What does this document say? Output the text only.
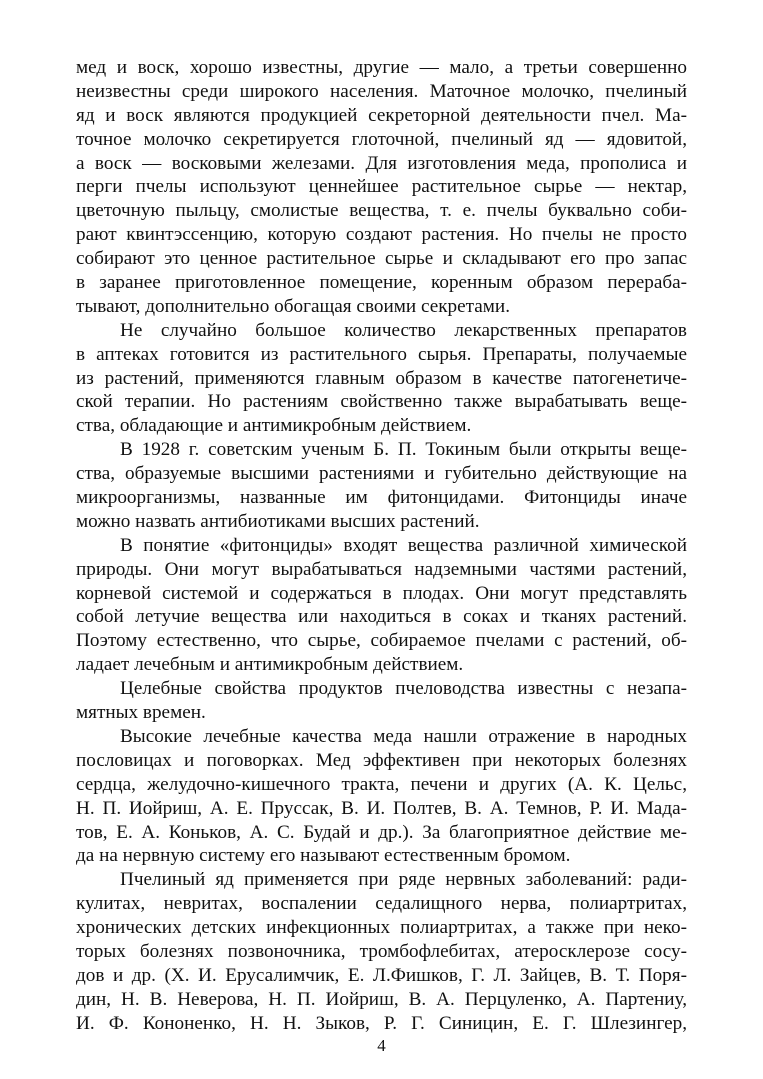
мед и воск, хорошо известны, другие — мало, а третьи совершенно
неизвестны среди широкого населения. Маточное молочко, пчелиный
яд и воск являются продукцией секреторной деятельности пчел. Ма-
точное молочко секретируется глоточной, пчелиный яд — ядовитой,
а воск — восковыми железами. Для изготовления меда, прополиса и
перги пчелы используют ценнейшее растительное сырье — нектар,
цветочную пыльцу, смолистые вещества, т. е. пчелы буквально соби-
рают квинтэссенцию, которую создают растения. Но пчелы не просто
собирают это ценное растительное сырье и складывают его про запас
в заранее приготовленное помещение, коренным образом перераба-
тывают, дополнительно обогащая своими секретами.
Не случайно большое количество лекарственных препаратов
в аптеках готовится из растительного сырья. Препараты, получаемые
из растений, применяются главным образом в качестве патогенетиче-
ской терапии. Но растениям свойственно также вырабатывать веще-
ства, обладающие и антимикробным действием.
В 1928 г. советским ученым Б. П. Токиным были открыты веще-
ства, образуемые высшими растениями и губительно действующие на
микроорганизмы, названные им фитонцидами. Фитонциды иначе
можно назвать антибиотиками высших растений.
В понятие «фитонциды» входят вещества различной химической
природы. Они могут вырабатываться надземными частями растений,
корневой системой и содержаться в плодах. Они могут представлять
собой летучие вещества или находиться в соках и тканях растений.
Поэтому естественно, что сырье, собираемое пчелами с растений, об-
ладает лечебным и антимикробным действием.
Целебные свойства продуктов пчеловодства известны с незапа-
мятных времен.
Высокие лечебные качества меда нашли отражение в народных
пословицах и поговорках. Мед эффективен при некоторых болезнях
сердца, желудочно-кишечного тракта, печени и других (А. К. Цельс,
Н. П. Иойриш, А. Е. Пруссак, В. И. Полтев, В. А. Темнов, Р. И. Мада-
тов, Е. А. Коньков, А. С. Будай и др.). За благоприятное действие ме-
да на нервную систему его называют естественным бромом.
Пчелиный яд применяется при ряде нервных заболеваний: ради-
кулитах, невритах, воспалении седалищного нерва, полиартритах,
хронических детских инфекционных полиартритах, а также при неко-
торых болезнях позвоночника, тромбофлебитах, атеросклерозе сосу-
дов и др. (Х. И. Ерусалимчик, Е. Л.Фишков, Г. Л. Зайцев, В. Т. Поря-
дин, Н. В. Неверова, Н. П. Иойриш, В. А. Перцуленко, А. Партениу,
И. Ф. Кононенко, Н. Н. Зыков, Р. Г. Синицин, Е. Г. Шлезингер,
4
